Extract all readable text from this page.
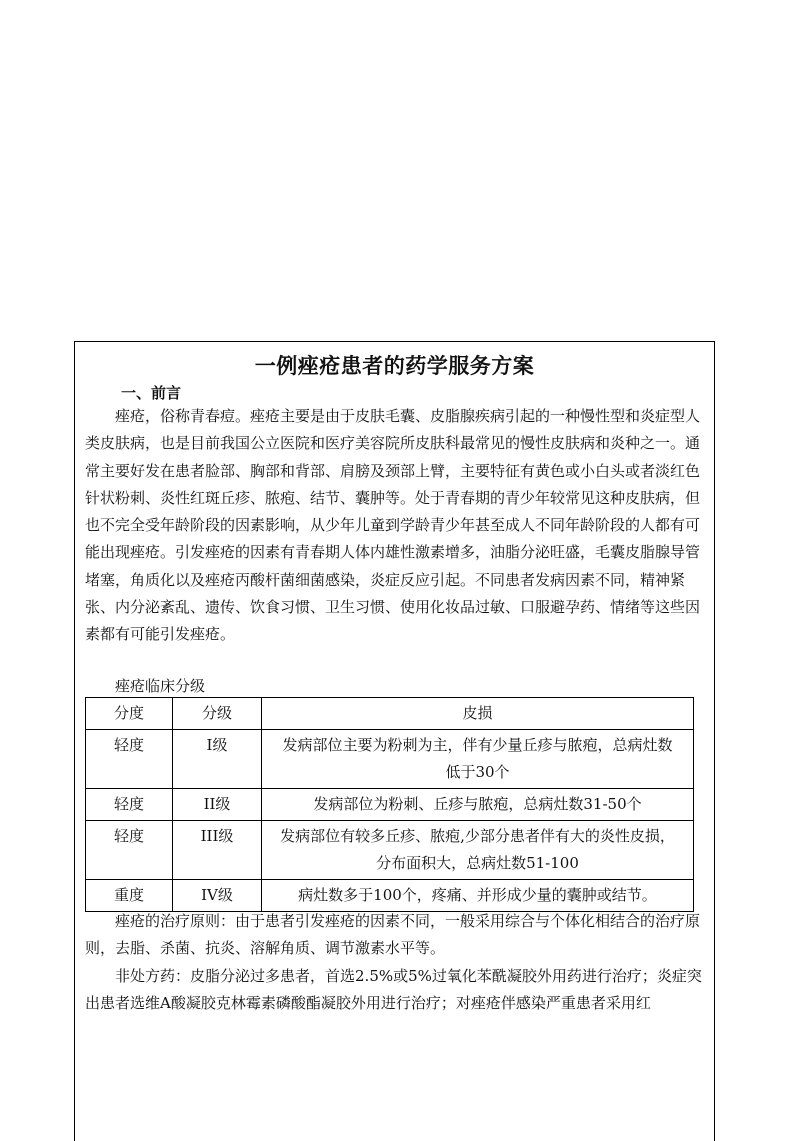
一例痤疮患者的药学服务方案
一、前言
痤疮，俗称青春痘。痤疮主要是由于皮肤毛囊、皮脂腺疾病引起的一种慢性型和炎症型人类皮肤病，也是目前我国公立医院和医疗美容院所皮肤科最常见的慢性皮肤病和炎种之一。通常主要好发在患者脸部、胸部和背部、肩膀及颈部上臂，主要特征有黄色或小白头或者淡红色针状粉刺、炎性红斑丘疹、脓疱、结节、囊肿等。处于青春期的青少年较常见这种皮肤病，但也不完全受年龄阶段的因素影响，从少年儿童到学龄青少年甚至成人不同年龄阶段的人都有可能出现痤疮。引发痤疮的因素有青春期人体内雄性激素增多，油脂分泌旺盛，毛囊皮脂腺导管堵塞，角质化以及痤疮丙酸杆菌细菌感染，炎症反应引起。不同患者发病因素不同，精神紧张、内分泌紊乱、遗传、饮食习惯、卫生习惯、使用化妆品过敏、口服避孕药、情绪等这些因素都有可能引发痤疮。
痤疮临床分级
分度	分级	皮损
轻度	I级	发病部位主要为粉刺为主，伴有少量丘疹与脓疱，总病灶数低于30个
轻度	II级	发病部位为粉刺、丘疹与脓疱，总病灶数31-50个
轻度	III级	发病部位有较多丘疹、脓疱,少部分患者伴有大的炎性皮损，分布面积大，总病灶数51-100
重度	IV级	病灶数多于100个，疼痛、并形成少量的囊肿或结节。
痤疮的治疗原则：由于患者引发痤疮的因素不同，一般采用综合与个体化相结合的治疗原则，去脂、杀菌、抗炎、溶解角质、调节激素水平等。
非处方药：皮脂分泌过多患者，首选2.5%或5%过氧化苯酰凝胶外用药进行治疗；炎症突出患者选维A酸凝胶克林霉素磷酸酯凝胶外用进行治疗；对痤疮伴感染严重患者采用红
